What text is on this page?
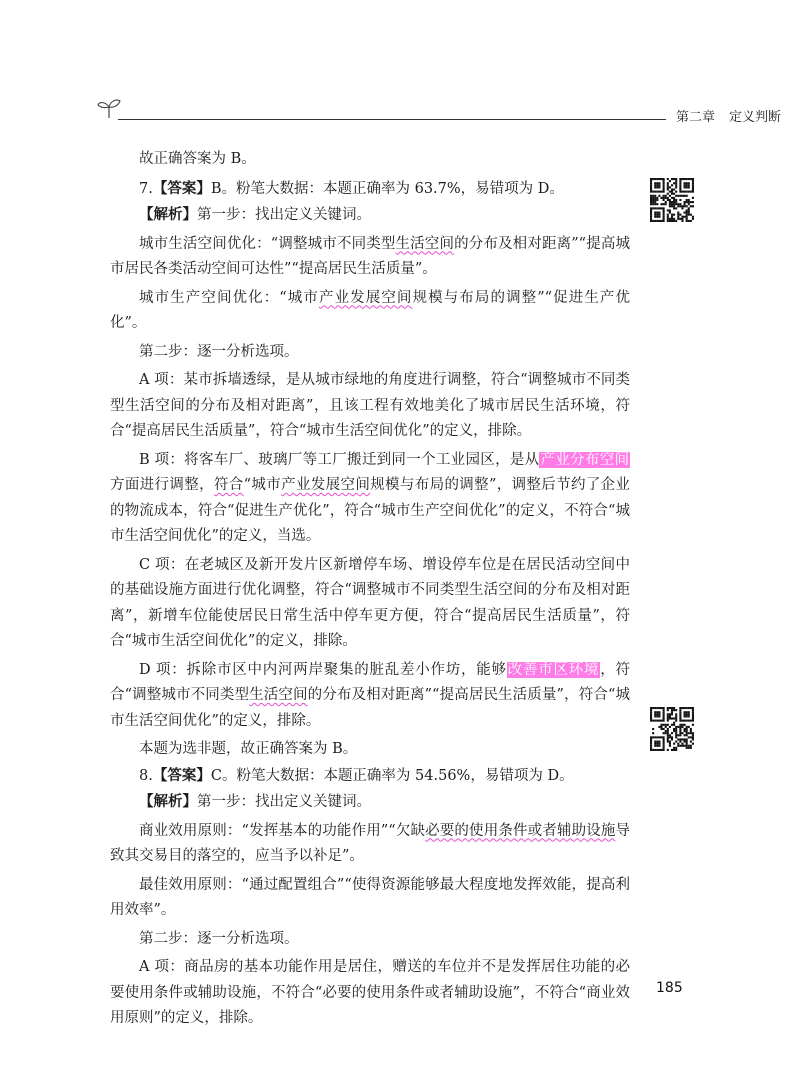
第二章 定义判断

故正确答案为 B。

7.【答案】B。粉笔大数据：本题正确率为 63.7%，易错项为 D。

【解析】第一步：找出定义关键词。

城市生活空间优化：“调整城市不同类型生活空间的分布及相对距离”“提高城市居民各类活动空间可达性”“提高居民生活质量”。

城市生产空间优化：“城市产业发展空间规模与布局的调整”“促进生产优化”。

第二步：逐一分析选项。

A 项：某市拆墙透绿，是从城市绿地的角度进行调整，符合“调整城市不同类型生活空间的分布及相对距离”，且该工程有效地美化了城市居民生活环境，符合“提高居民生活质量”，符合“城市生活空间优化”的定义，排除。

B 项：将客车厂、玻璃厂等工厂搬迁到同一个工业园区，是从产业分布空间方面进行调整，符合“城市产业发展空间规模与布局的调整”，调整后节约了企业的物流成本，符合“促进生产优化”，符合“城市生产空间优化”的定义，不符合“城市生活空间优化”的定义，当选。

C 项：在老城区及新开发片区新增停车场、增设停车位是在居民活动空间中的基础设施方面进行优化调整，符合“调整城市不同类型生活空间的分布及相对距离”，新增车位能使居民日常生活中停车更方便，符合“提高居民生活质量”，符合“城市生活空间优化”的定义，排除。

D 项：拆除市区中内河两岸聚集的脏乱差小作坊，能够改善市区环境，符合“调整城市不同类型生活空间的分布及相对距离”“提高居民生活质量”，符合“城市生活空间优化”的定义，排除。

本题为选非题，故正确答案为 B。

8.【答案】C。粉笔大数据：本题正确率为 54.56%，易错项为 D。

【解析】第一步：找出定义关键词。

商业效用原则：“发挥基本的功能作用”“欠缺必要的使用条件或者辅助设施导致其交易目的落空的，应当予以补足”。

最佳效用原则：“通过配置组合”“使得资源能够最大程度地发挥效能，提高利用效率”。

第二步：逐一分析选项。

A 项：商品房的基本功能作用是居住，赠送的车位并不是发挥居住功能的必要使用条件或辅助设施，不符合“必要的使用条件或者辅助设施”，不符合“商业效用原则”的定义，排除。

185
